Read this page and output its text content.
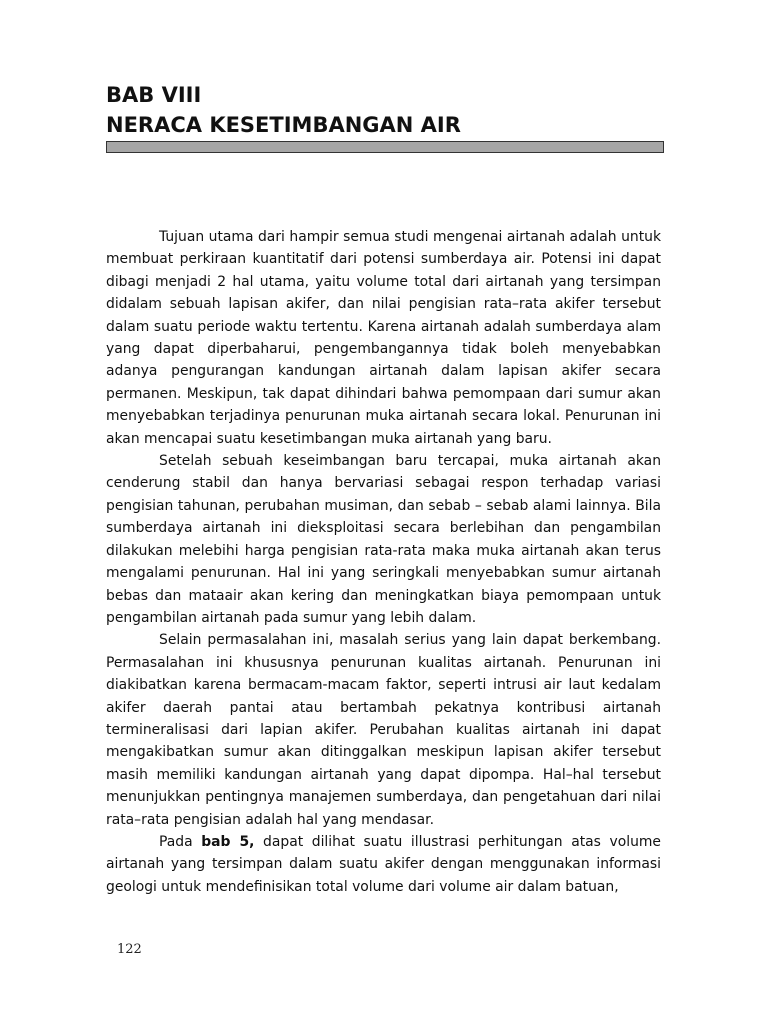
BAB VIII
NERACA KESETIMBANGAN AIR

Tujuan utama dari hampir semua studi mengenai airtanah adalah untuk membuat perkiraan kuantitatif dari potensi sumberdaya air. Potensi ini dapat dibagi menjadi 2 hal utama, yaitu volume total dari airtanah yang tersimpan didalam sebuah lapisan akifer, dan nilai pengisian rata–rata akifer tersebut dalam suatu periode waktu tertentu. Karena airtanah adalah sumberdaya alam yang dapat diperbaharui, pengembangannya tidak boleh menyebabkan adanya pengurangan kandungan airtanah dalam lapisan akifer secara permanen. Meskipun, tak dapat dihindari bahwa pemompaan dari sumur akan menyebabkan terjadinya penurunan muka airtanah secara lokal. Penurunan ini akan mencapai suatu kesetimbangan muka airtanah yang baru.

Setelah sebuah keseimbangan baru tercapai, muka airtanah akan cenderung stabil dan hanya bervariasi sebagai respon terhadap variasi pengisian tahunan, perubahan musiman, dan sebab – sebab alami lainnya. Bila sumberdaya airtanah ini dieksploitasi secara berlebihan dan pengambilan dilakukan melebihi harga pengisian rata-rata maka muka airtanah akan terus mengalami penurunan. Hal ini yang seringkali menyebabkan sumur airtanah bebas dan mataair akan kering dan meningkatkan biaya pemompaan untuk pengambilan airtanah pada sumur yang lebih dalam.

Selain permasalahan ini, masalah serius yang lain dapat berkembang. Permasalahan ini khususnya penurunan kualitas airtanah. Penurunan ini diakibatkan karena bermacam-macam faktor, seperti intrusi air laut kedalam akifer daerah pantai atau bertambah pekatnya kontribusi airtanah termineralisasi dari lapian akifer. Perubahan kualitas airtanah ini dapat mengakibatkan sumur akan ditinggalkan meskipun lapisan akifer tersebut masih memiliki kandungan airtanah yang dapat dipompa. Hal–hal tersebut menunjukkan pentingnya manajemen sumberdaya, dan pengetahuan dari nilai rata–rata pengisian adalah hal yang mendasar.

Pada bab 5, dapat dilihat suatu illustrasi perhitungan atas volume airtanah yang tersimpan dalam suatu akifer dengan menggunakan informasi geologi untuk mendefinisikan total volume dari volume air dalam batuan,

122
